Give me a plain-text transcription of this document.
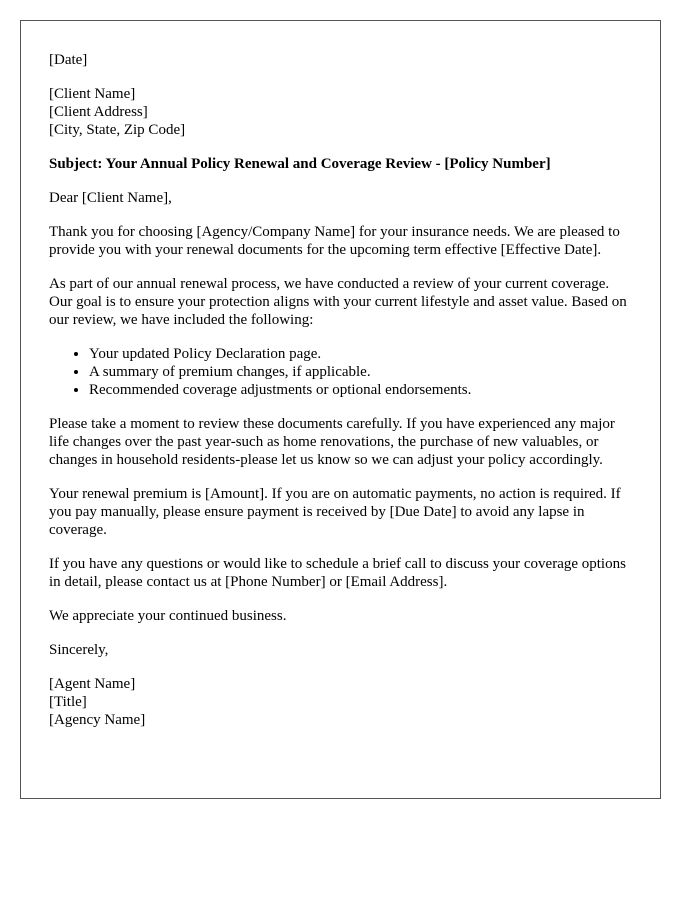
[Date]

[Client Name]
[Client Address]
[City, State, Zip Code]

Subject: Your Annual Policy Renewal and Coverage Review - [Policy Number]

Dear [Client Name],

Thank you for choosing [Agency/Company Name] for your insurance needs. We are pleased to provide you with your renewal documents for the upcoming term effective [Effective Date].

As part of our annual renewal process, we have conducted a review of your current coverage. Our goal is to ensure your protection aligns with your current lifestyle and asset value. Based on our review, we have included the following:

• Your updated Policy Declaration page.
• A summary of premium changes, if applicable.
• Recommended coverage adjustments or optional endorsements.

Please take a moment to review these documents carefully. If you have experienced any major life changes over the past year-such as home renovations, the purchase of new valuables, or changes in household residents-please let us know so we can adjust your policy accordingly.

Your renewal premium is [Amount]. If you are on automatic payments, no action is required. If you pay manually, please ensure payment is received by [Due Date] to avoid any lapse in coverage.

If you have any questions or would like to schedule a brief call to discuss your coverage options in detail, please contact us at [Phone Number] or [Email Address].

We appreciate your continued business.

Sincerely,

[Agent Name]
[Title]
[Agency Name]
